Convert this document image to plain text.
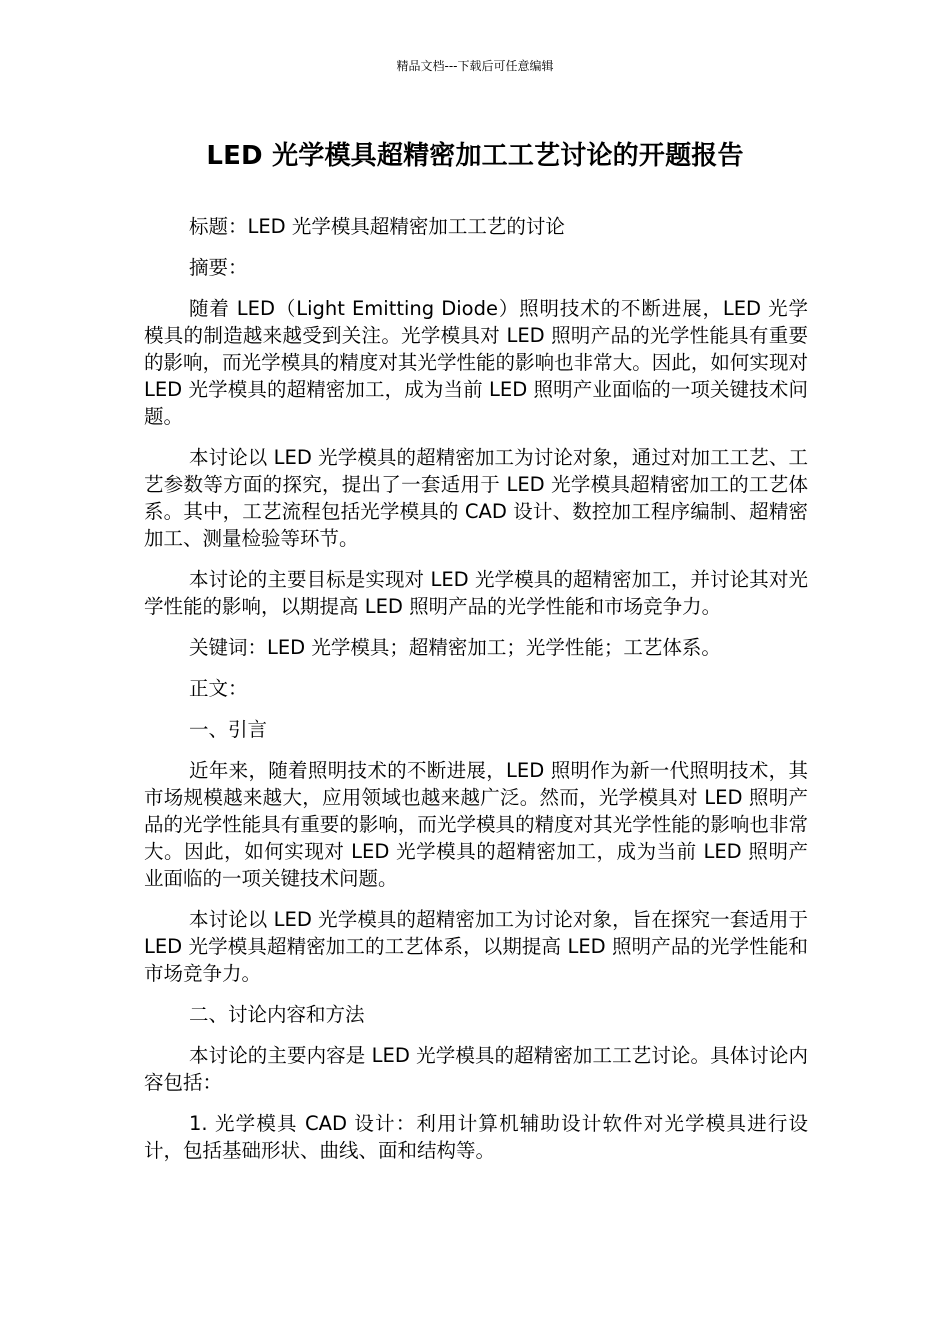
精品文档---下载后可任意编辑
LED 光学模具超精密加工工艺讨论的开题报告

标题：LED 光学模具超精密加工工艺的讨论

摘要：

随着 LED（Light Emitting Diode）照明技术的不断进展，LED 光学模具的制造越来越受到关注。光学模具对 LED 照明产品的光学性能具有重要的影响，而光学模具的精度对其光学性能的影响也非常大。因此，如何实现对 LED 光学模具的超精密加工，成为当前 LED 照明产业面临的一项关键技术问题。

本讨论以 LED 光学模具的超精密加工为讨论对象，通过对加工工艺、工艺参数等方面的探究，提出了一套适用于 LED 光学模具超精密加工的工艺体系。其中，工艺流程包括光学模具的 CAD 设计、数控加工程序编制、超精密加工、测量检验等环节。

本讨论的主要目标是实现对 LED 光学模具的超精密加工，并讨论其对光学性能的影响，以期提高 LED 照明产品的光学性能和市场竞争力。

关键词：LED 光学模具；超精密加工；光学性能；工艺体系。

正文：

一、引言

近年来，随着照明技术的不断进展，LED 照明作为新一代照明技术，其市场规模越来越大，应用领域也越来越广泛。然而，光学模具对 LED 照明产品的光学性能具有重要的影响，而光学模具的精度对其光学性能的影响也非常大。因此，如何实现对 LED 光学模具的超精密加工，成为当前 LED 照明产业面临的一项关键技术问题。

本讨论以 LED 光学模具的超精密加工为讨论对象，旨在探究一套适用于 LED 光学模具超精密加工的工艺体系，以期提高 LED 照明产品的光学性能和市场竞争力。

二、讨论内容和方法

本讨论的主要内容是 LED 光学模具的超精密加工工艺讨论。具体讨论内容包括：

1. 光学模具 CAD 设计：利用计算机辅助设计软件对光学模具进行设计，包括基础形状、曲线、面和结构等。
